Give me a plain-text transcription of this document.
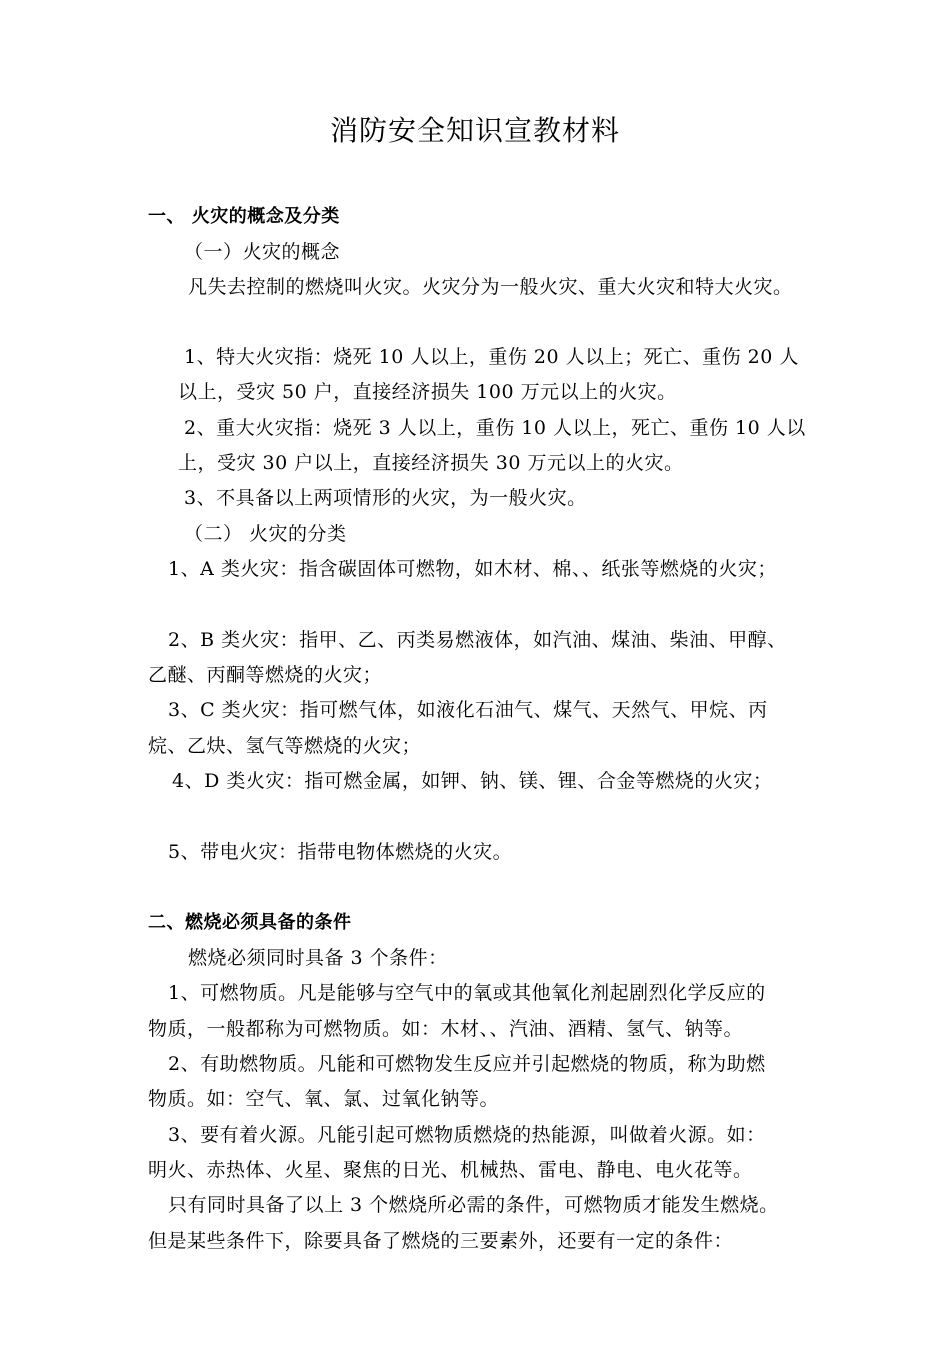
消防安全知识宣教材料
一、 火灾的概念及分类
（一）火灾的概念
凡失去控制的燃烧叫火灾。火灾分为一般火灾、重大火灾和特大火灾。
1、特大火灾指：烧死 10 人以上，重伤 20 人以上；死亡、重伤 20 人
以上，受灾 50 户，直接经济损失 100 万元以上的火灾。
2、重大火灾指：烧死 3 人以上，重伤 10 人以上，死亡、重伤 10 人以
上，受灾 30 户以上，直接经济损失 30 万元以上的火灾。
3、不具备以上两项情形的火灾，为一般火灾。
（二） 火灾的分类
1、A 类火灾：指含碳固体可燃物，如木材、棉、、纸张等燃烧的火灾；
2、B 类火灾：指甲、乙、丙类易燃液体，如汽油、煤油、柴油、甲醇、
乙醚、丙酮等燃烧的火灾；
3、C 类火灾：指可燃气体，如液化石油气、煤气、天然气、甲烷、丙
烷、乙炔、氢气等燃烧的火灾；
4、D 类火灾：指可燃金属，如钾、钠、镁、锂、合金等燃烧的火灾；
5、带电火灾：指带电物体燃烧的火灾。
二、燃烧必须具备的条件
燃烧必须同时具备 3 个条件：
1、可燃物质。凡是能够与空气中的氧或其他氧化剂起剧烈化学反应的
物质，一般都称为可燃物质。如：木材、、汽油、酒精、氢气、钠等。
2、有助燃物质。凡能和可燃物发生反应并引起燃烧的物质，称为助燃
物质。如：空气、氧、氯、过氧化钠等。
3、要有着火源。凡能引起可燃物质燃烧的热能源，叫做着火源。如：
明火、赤热体、火星、聚焦的日光、机械热、雷电、静电、电火花等。
只有同时具备了以上 3 个燃烧所必需的条件，可燃物质才能发生燃烧。
但是某些条件下，除要具备了燃烧的三要素外，还要有一定的条件：
